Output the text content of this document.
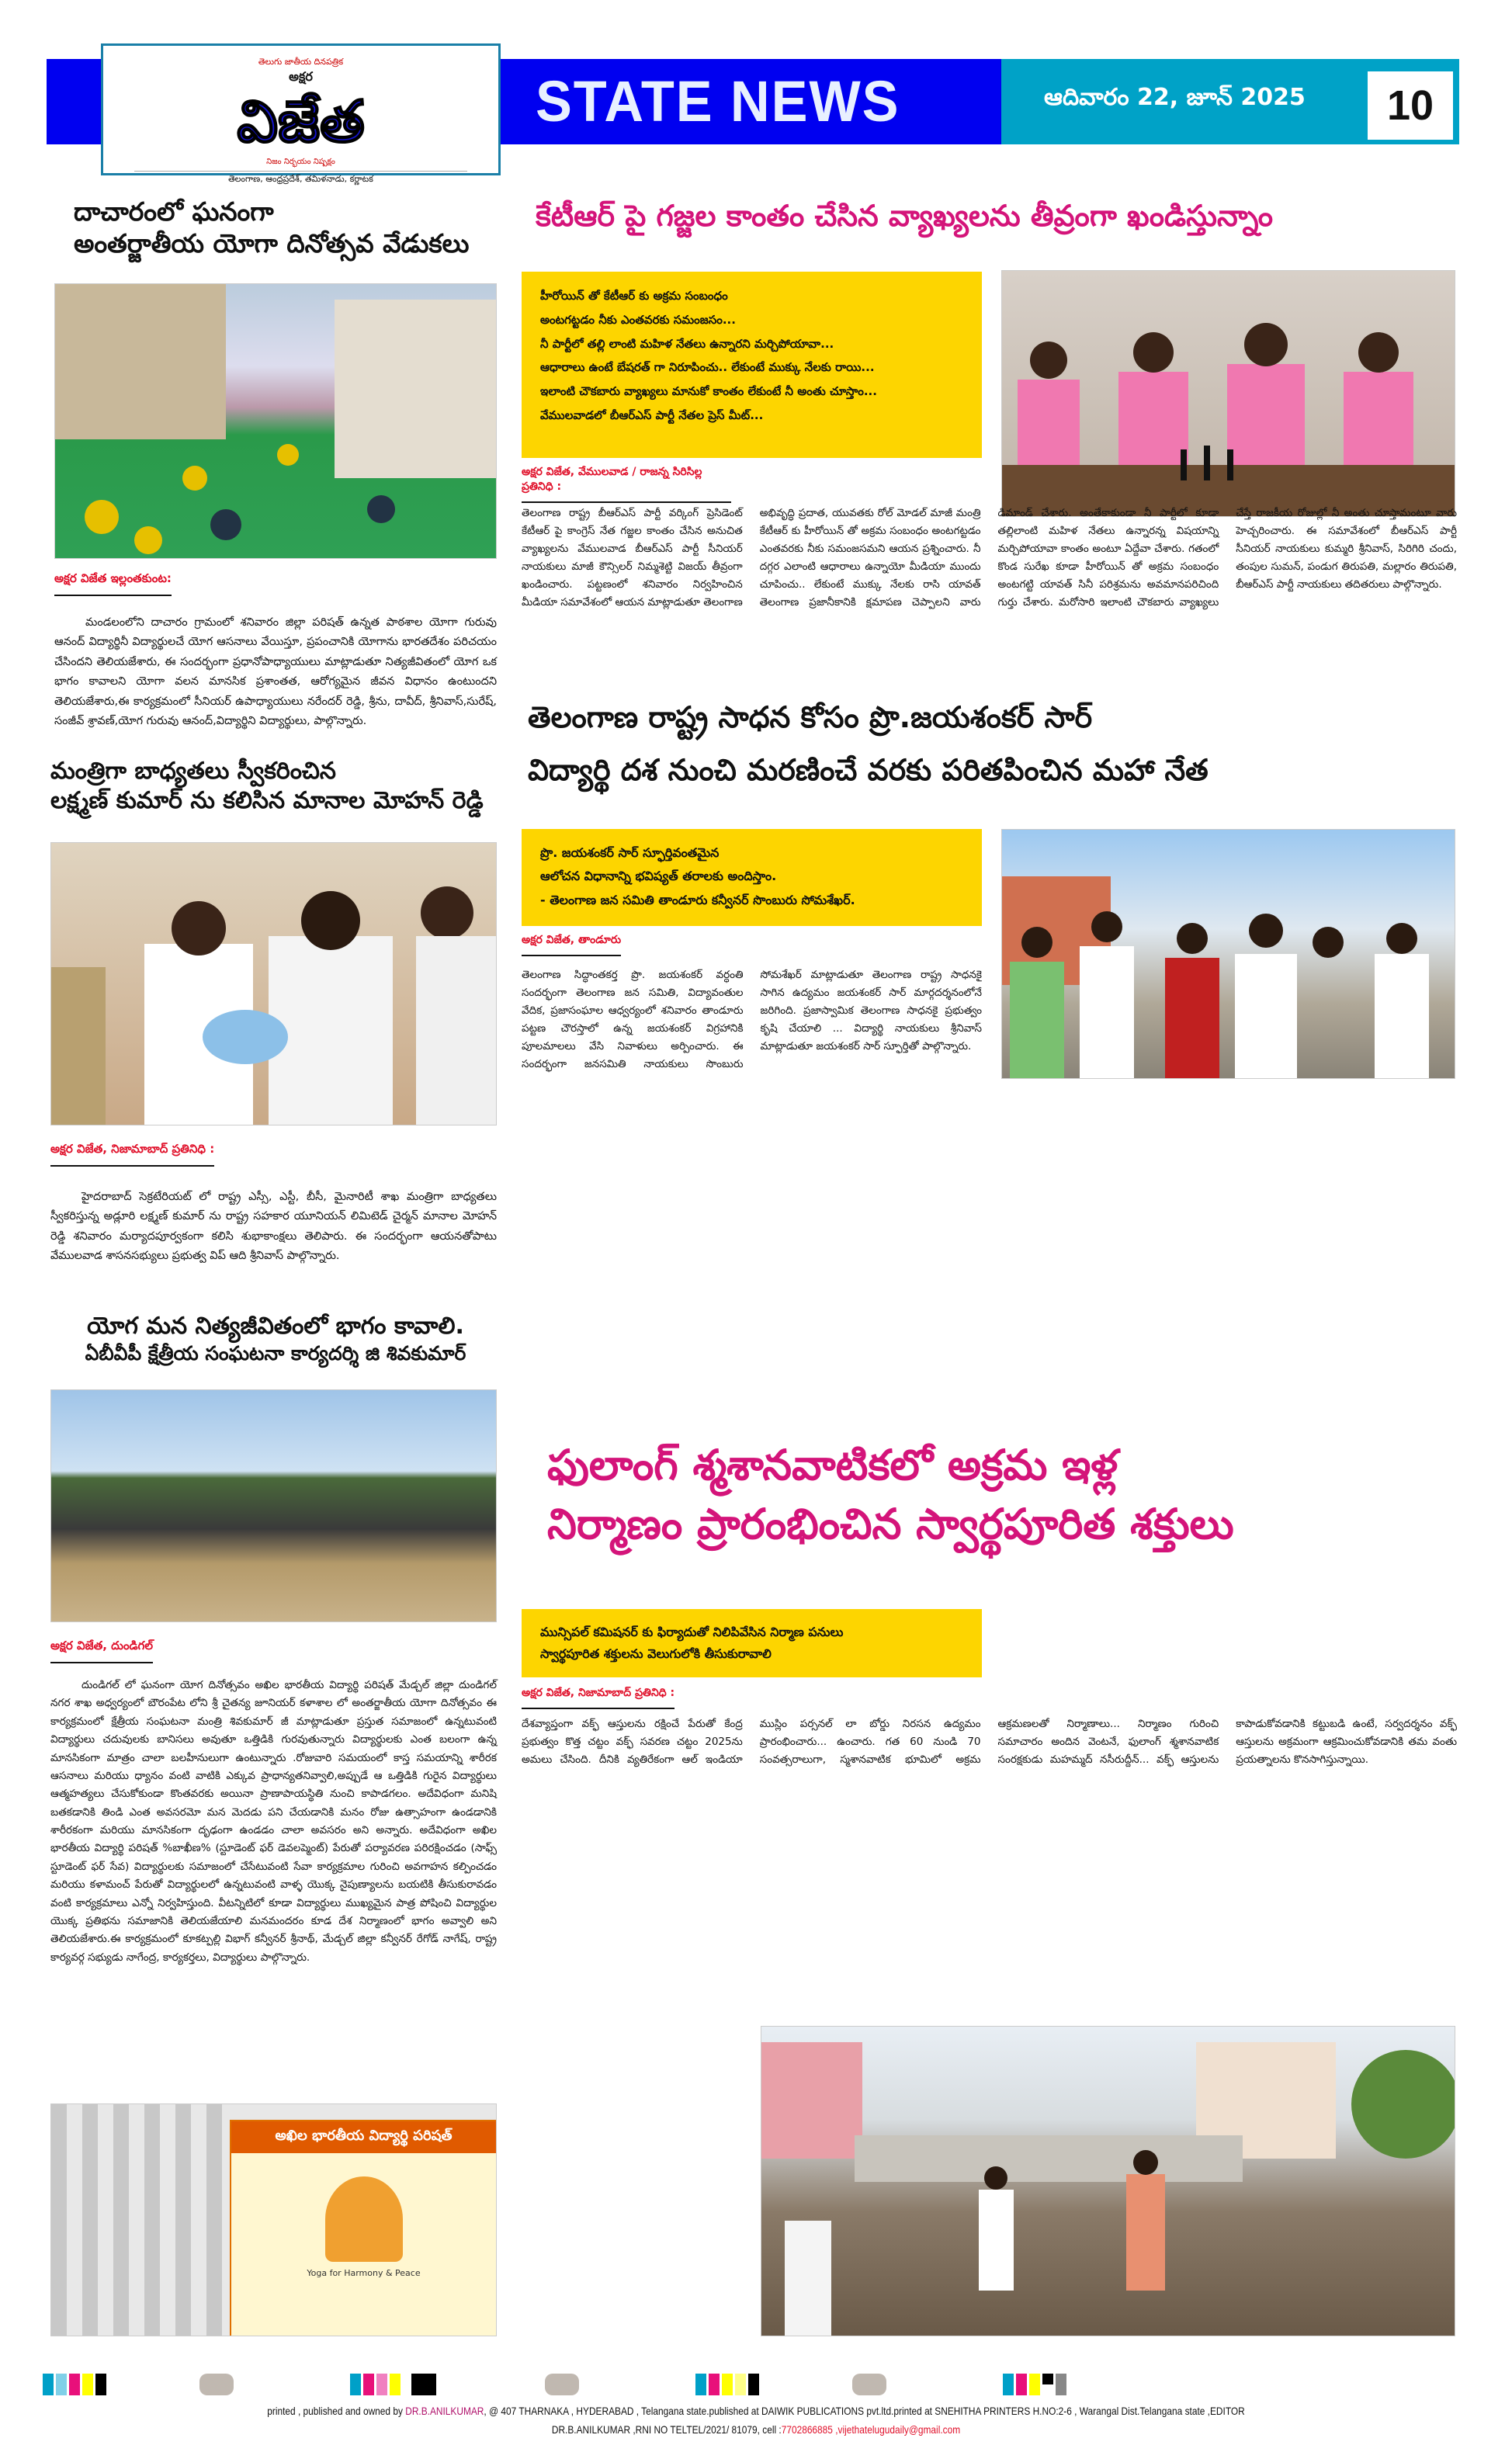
తెలుగు జాతీయ దినపత్రిక
అక్షర
విజేత
నిజం నిర్భయం నిష్పక్షం
తెలంగాణ, ఆంధ్రప్రదేశ్, తమిళనాడు, కర్ణాటక
STATE NEWS	ఆదివారం 22, జూన్ 2025	10
దాచారంలో ఘనంగా
అంతర్జాతీయ యోగా దినోత్సవ వేడుకలు
అక్షర విజేత ఇల్లంతకుంట:

మండలంలోని దాచారం గ్రామంలో శనివారం జిల్లా పరిషత్ ఉన్నత పాఠశాల యోగా గురువు ఆనంద్ విద్యార్థినీ విద్యార్థులచే యోగ ఆసనాలు వేయిస్తూ, ప్రపంచానికి యోగాను భారతదేశం పరిచయం చేసిందని తెలియజేశారు, ఈ సందర్భంగా ప్రధానోపాధ్యాయులు మాట్లాడుతూ నిత్యజీవితంలో యోగ ఒక భాగం కావాలని యోగా వలన మానసిక ప్రశాంతత, ఆరోగ్యమైన జీవన విధానం ఉంటుందని తెలియజేశారు,ఈ కార్యక్రమంలో సీనియర్ ఉపాధ్యాయులు నరేందర్ రెడ్డి, శ్రీను, దావీద్, శ్రీనివాస్,సురేష్, సంజీవ్ శ్రావణ్,యోగ గురువు ఆనంద్,విద్యార్థిని విద్యార్థులు, పాల్గొన్నారు.

మంత్రిగా బాధ్యతలు స్వీకరించిన
లక్ష్మణ్ కుమార్ ను కలిసిన మానాల మోహన్ రెడ్డి
అక్షర విజేత, నిజామాబాద్ ప్రతినిధి :

హైదరాబాద్ సెక్రటేరియట్ లో రాష్ట్ర ఎస్సీ, ఎస్టీ, బీసీ, మైనారిటీ శాఖ మంత్రిగా బాధ్యతలు స్వీకరిస్తున్న అడ్లూరి లక్ష్మణ్ కుమార్ ను రాష్ట్ర సహకార యూనియన్ లిమిటెడ్ చైర్మన్ మానాల మోహన్ రెడ్డి శనివారం మర్యాదపూర్వకంగా కలిసి శుభాకాంక్షలు తెలిపారు. ఈ సందర్భంగా ఆయనతోపాటు వేములవాడ శాసనసభ్యులు ప్రభుత్వ విప్ ఆది శ్రీనివాస్ పాల్గొన్నారు.

యోగ మన నిత్యజీవితంలో భాగం కావాలి.
ఏబీవీపీ క్షేత్రీయ సంఘటనా కార్యదర్శి జి శివకుమార్
అక్షర విజేత, దుండిగల్

దుండిగల్ లో ఘనంగా యోగ దినోత్సవం అఖిల భారతీయ విద్యార్థి పరిషత్ మేడ్చల్ జిల్లా దుండిగల్ నగర శాఖ అధ్వర్యంలో బౌరంపేట లోని శ్రీ చైతన్య జూనియర్ కళాశాల లో అంతర్జాతీయ యోగా దినోత్సవం ఈ కార్యక్రమంలో క్షేత్రీయ సంఘటనా మంత్రి శివకుమార్ జీ మాట్లాడుతూ ప్రస్తుత సమాజంలో ఉన్నటువంటి విద్యార్థులు చదువులకు బానిసలు అవుతూ ఒత్తిడికి గురవుతున్నారు విద్యార్థులకు ఎంత బలంగా ఉన్న మానసికంగా మాత్రం చాలా బలహీనులుగా ఉంటున్నారు .రోజువారి సమయంలో కాస్త సమయాన్ని శారీరక ఆసనాలు మరియు ధ్యానం వంటి వాటికి ఎక్కువ ప్రాధాన్యతనివ్వాలి,అప్పుడే ఆ ఒత్తిడికి గురైన విద్యార్థులు ఆత్మహత్యలు చేసుకోకుండా కొంతవరకు అయినా ప్రాణాపాయస్థితి నుంచి కాపాడగలం. అదేవిధంగా మనిషి బతకడానికి తిండి ఎంత అవసరమో మన మెదడు పని చేయడానికి మనం రోజు ఉత్సాహంగా ఉండడానికి శారీరకంగా మరియు మానసికంగా దృఢంగా ఉండడం చాలా అవసరం అని అన్నారు. అదేవిధంగా అఖిల భారతీయ విద్యార్థి పరిషత్ %బాఖీణ% (స్టూడెంట్ ఫర్ డెవలప్మెంట్) పేరుతో పర్యావరణ పరిరక్షించడం (సాఫ్స్ స్టూడెంట్ ఫర్ సేవ) విద్యార్థులకు సమాజంలో చేసేటువంటి సేవా కార్యక్రమాల గురించి అవగాహన కల్పించడం మరియు కళామంచ్ పేరుతో విద్యార్థులలో ఉన్నటువంటి వాళ్ళ యొక్క నైపుణ్యాలను బయటికి తీసుకురావడం వంటి కార్యక్రమాలు ఎన్నో నిర్వహిస్తుంది. వీటన్నిటిలో కూడా విద్యార్థులు ముఖ్యమైన పాత్ర పోషించి విద్యార్థుల యొక్క ప్రతిభను సమాజానికి తెలియజేయాలి మనమందరం కూడ దేశ నిర్మాణంలో భాగం అవ్వాలి అని తెలియజేశారు.ఈ కార్యక్రమంలో కూకట్పల్లి విభాగ్ కన్వీనర్ శ్రీనాథ్, మేడ్చల్ జిల్లా కన్వీనర్ రేగోడ్ నాగేష్, రాష్ట్ర కార్యవర్గ సభ్యుడు నాగేంద్ర, కార్యకర్తలు, విద్యార్థులు పాల్గొన్నారు.

అఖిల భారతీయ విద్యార్థి పరిషత్
Yoga for Harmony & Peace
కేటీఆర్ పై గజ్జల కాంతం చేసిన వ్యాఖ్యలను తీవ్రంగా ఖండిస్తున్నాం
హీరోయిన్ తో కేటీఆర్ కు అక్రమ సంబంధం
అంటగట్టడం నీకు ఎంతవరకు సమంజసం...
నీ పార్టీలో తల్లి లాంటి మహిళ నేతలు ఉన్నారని మర్చిపోయావా...
ఆధారాలు ఉంటే బేషరత్ గా నిరూపించు.. లేకుంటే ముక్కు నేలకు రాయి...
ఇలాంటి చౌకబారు వ్యాఖ్యలు మానుకో కాంతం లేకుంటే నీ అంతు చూస్తాం...
వేములవాడలో బీఆర్ఎస్ పార్టీ నేతల ప్రెస్ మీట్...
అక్షర విజేత, వేములవాడ / రాజన్న సిరిసిల్ల ప్రతినిధి :

తెలంగాణ రాష్ట్ర బీఆర్ఎస్ పార్టీ వర్కింగ్ ప్రెసిడెంట్ కేటీఆర్ పై కాంగ్రెస్ నేత గజ్జల కాంతం చేసిన అనుచిత వ్యాఖ్యలను వేములవాడ బీఆర్ఎస్ పార్టీ సీనియర్ నాయకులు మాజీ కౌన్సిలర్ నిమ్మశెట్టి విజయ్ తీవ్రంగా ఖండించారు. పట్టణంలో శనివారం నిర్వహించిన మీడియా సమావేశంలో ఆయన మాట్లాడుతూ తెలంగాణ అభివృద్ధి ప్రదాత, యువతకు రోల్ మోడల్ మాజీ మంత్రి కేటీఆర్ కు హీరోయిన్ తో అక్రమ సంబంధం అంటగట్టడం ఎంతవరకు నీకు సమంజసమని ఆయన ప్రశ్నించారు. నీ దగ్గర ఎలాంటి ఆధారాలు ఉన్నాయో మీడియా ముందు చూపించు.. లేకుంటే ముక్కు నేలకు రాసి యావత్ తెలంగాణ ప్రజానీకానికి క్షమాపణ చెప్పాలని వారు డిమాండ్ చేశారు. అంతేకాకుండా నీ పార్టీలో కూడా తల్లిలాంటి మహిళ నేతలు ఉన్నారన్న విషయాన్ని మర్చిపోయావా కాంతం అంటూ ఏద్దేవా చేశారు. గతంలో కొండ సురేఖ కూడా హీరోయిన్ తో అక్రమ సంబంధం అంటగట్టి యావత్ సినీ పరిశ్రమను అవమానపరిచింది గుర్తు చేశారు. మరోసారి ఇలాంటి చౌకబారు వ్యాఖ్యలు చేస్తే రాజకీయ రోజుల్లో నీ అంతు చూస్తామంటూ వారు హెచ్చరించారు. ఈ సమావేశంలో బీఆర్ఎస్ పార్టీ సీనియర్ నాయకులు కుమ్మరి శ్రీనివాస్, సిరిగిరి చందు, తంపుల సుమన్, పండుగ తిరుపతి, మల్లారం తిరుపతి, బీఆర్ఎస్ పార్టీ నాయకులు తదితరులు పాల్గొన్నారు.

తెలంగాణ రాష్ట్ర సాధన కోసం ప్రొ.జయశంకర్ సార్
విద్యార్థి దశ నుంచి మరణించే వరకు పరితపించిన మహా నేత
ప్రొ. జయశంకర్ సార్ స్ఫూర్తివంతమైన
ఆలోచన విధానాన్ని భవిష్యత్ తరాలకు అందిస్తాం.
- తెలంగాణ జన సమితి తాండూరు కన్వీనర్ సొంబురు సోమశేఖర్.
అక్షర విజేత, తాండూరు

తెలంగాణ సిద్ధాంతకర్త ప్రొ. జయశంకర్ వర్ధంతి సందర్భంగా తెలంగాణ జన సమితి, విద్యావంతుల వేదిక, ప్రజాసంఘాల ఆధ్వర్యంలో శనివారం తాండూరు పట్టణ చౌరస్తాలో ఉన్న జయశంకర్ విగ్రహానికి పూలమాలలు వేసి నివాళులు అర్పించారు. ఈ సందర్భంగా జనసమితి నాయకులు సొంబురు సోమశేఖర్ మాట్లాడుతూ తెలంగాణ రాష్ట్ర సాధనకై సాగిన ఉద్యమం జయశంకర్ సార్ మార్గదర్శనంలోనే జరిగింది. ప్రజాస్వామిక తెలంగాణ సాధనకై ప్రభుత్వం కృషి చేయాలి ... విద్యార్థి నాయకులు శ్రీనివాస్ మాట్లాడుతూ జయశంకర్ సార్ స్ఫూర్తితో పాల్గొన్నారు.

ఫులాంగ్ శ్మశానవాటికలో అక్రమ ఇళ్ల
నిర్మాణం ప్రారంభించిన స్వార్థపూరిత శక్తులు
మున్సిపల్ కమిషనర్ కు ఫిర్యాదుతో నిలిపివేసిన నిర్మాణ పనులు
స్వార్థపూరిత శక్తులను వెలుగులోకి తీసుకురావాలి
అక్షర విజేత, నిజామాబాద్ ప్రతినిధి :

దేశవ్యాప్తంగా వక్ఫ్ ఆస్తులను రక్షించే పేరుతో కేంద్ర ప్రభుత్వం కొత్త చట్టం వక్ఫ్ సవరణ చట్టం 2025ను అమలు చేసింది. దీనికి వ్యతిరేకంగా ఆల్ ఇండియా ముస్లిం పర్సనల్ లా బోర్డు నిరసన ఉద్యమం ప్రారంభించారు... ఉంచారు. గత 60 నుండి 70 సంవత్సరాలుగా, స్మశానవాటిక భూమిలో అక్రమ ఆక్రమణలతో నిర్మాణాలు... నిర్మాణం గురించి సమాచారం అందిన వెంటనే, ఫులాంగ్ శ్మశానవాటిక సంరక్షకుడు మహమ్మద్ నసీరుద్దీన్... వక్ఫ్ ఆస్తులను కాపాడుకోవడానికి కట్టుబడి ఉంటే, సర్వదర్శనం వక్ఫ్ ఆస్తులను అక్రమంగా ఆక్రమించుకోవడానికి తమ వంతు ప్రయత్నాలను కొనసాగిస్తున్నాయి.

printed , published and owned by DR.B.ANILKUMAR, @ 407 THARNAKA , HYDERABAD , Telangana state.published at DAIWIK PUBLICATIONS pvt.ltd.printed at SNEHITHA PRINTERS H.NO:2-6 , Warangal Dist.Telangana state ,EDITOR
DR.B.ANILKUMAR ,RNI NO TELTEL/2021/ 81079, cell :7702866885 ,vijethatelugudaily@gmail.com
